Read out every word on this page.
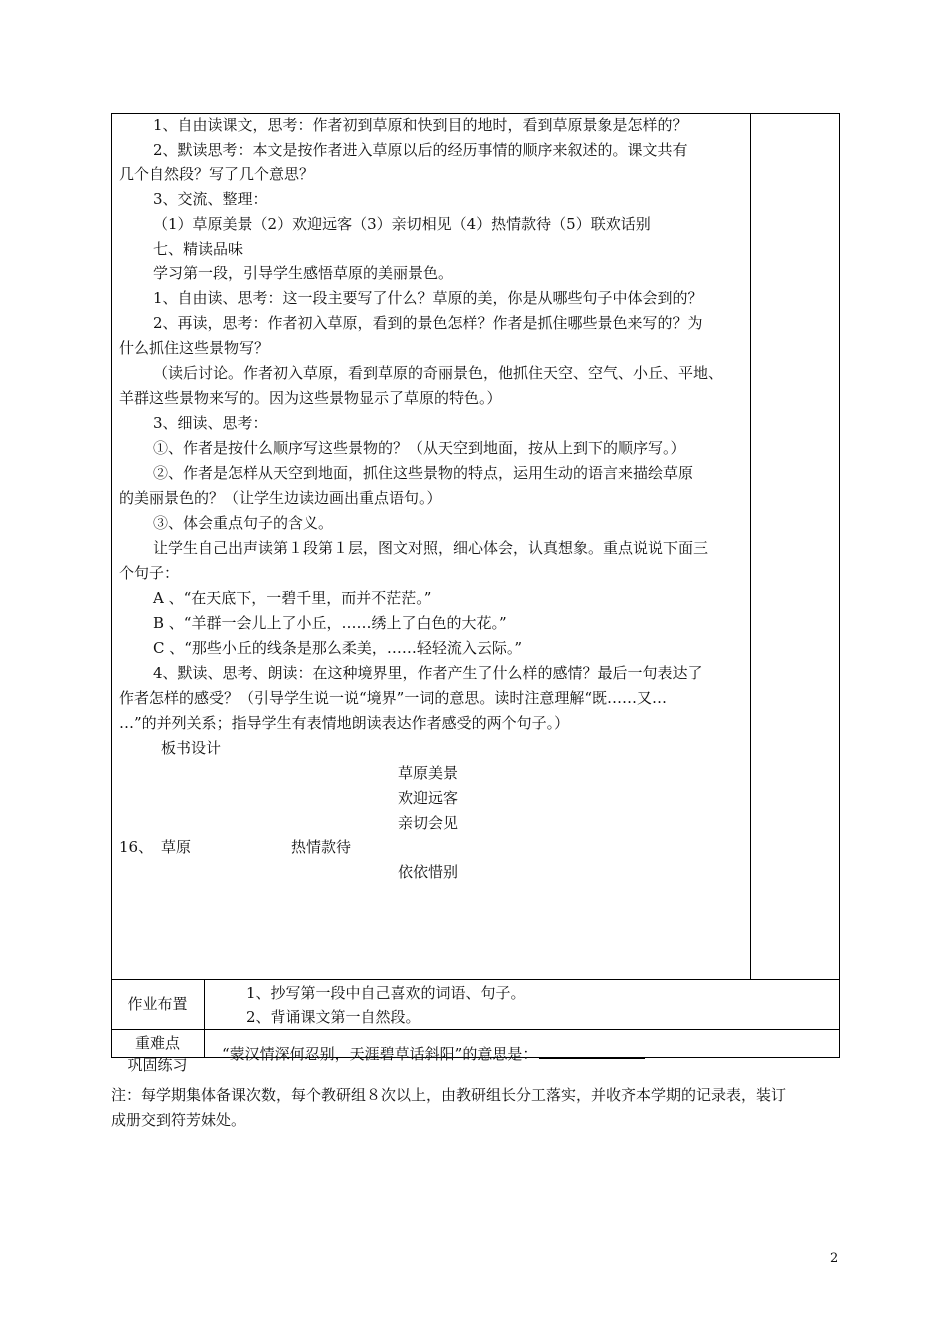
1、自由读课文，思考：作者初到草原和快到目的地时，看到草原景象是怎样的？
2、默读思考：本文是按作者进入草原以后的经历事情的顺序来叙述的。课文共有
几个自然段？写了几个意思？
3、交流、整理：
（1）草原美景（2）欢迎远客（3）亲切相见（4）热情款待（5）联欢话别
七、精读品味
学习第一段，引导学生感悟草原的美丽景色。
1、自由读、思考：这一段主要写了什么？草原的美，你是从哪些句子中体会到的？
2、再读，思考：作者初入草原，看到的景色怎样？作者是抓住哪些景色来写的？为
什么抓住这些景物写？
（读后讨论。作者初入草原，看到草原的奇丽景色，他抓住天空、空气、小丘、平地、
羊群这些景物来写的。因为这些景物显示了草原的特色。）
3、细读、思考：
①、作者是按什么顺序写这些景物的？（从天空到地面，按从上到下的顺序写。）
②、作者是怎样从天空到地面，抓住这些景物的特点，运用生动的语言来描绘草原
的美丽景色的？（让学生边读边画出重点语句。）
③、体会重点句子的含义。
让学生自己出声读第１段第１层，图文对照，细心体会，认真想象。重点说说下面三
个句子：
A 、“在天底下，一碧千里，而并不茫茫。”
B 、“羊群一会儿上了小丘，……绣上了白色的大花。”
C 、“那些小丘的线条是那么柔美，……轻轻流入云际。”
4、默读、思考、朗读：在这种境界里，作者产生了什么样的感情？最后一句表达了
作者怎样的感受？（引导学生说一说“境界”一词的意思。读时注意理解“既……又…
…”的并列关系；指导学生有表情地朗读表达作者感受的两个句子。）
板书设计
草原美景
欢迎远客
亲切会见
16、 草原	热情款待
依依惜别
作业布置
1、抄写第一段中自己喜欢的词语、句子。
2、背诵课文第一自然段。
重难点
巩固练习
“蒙汉情深何忍别，天涯碧草话斜阳”的意思是：
注：每学期集体备课次数，每个教研组８次以上，由教研组长分工落实，并收齐本学期的记录表，装订
成册交到符芳妹处。
2
